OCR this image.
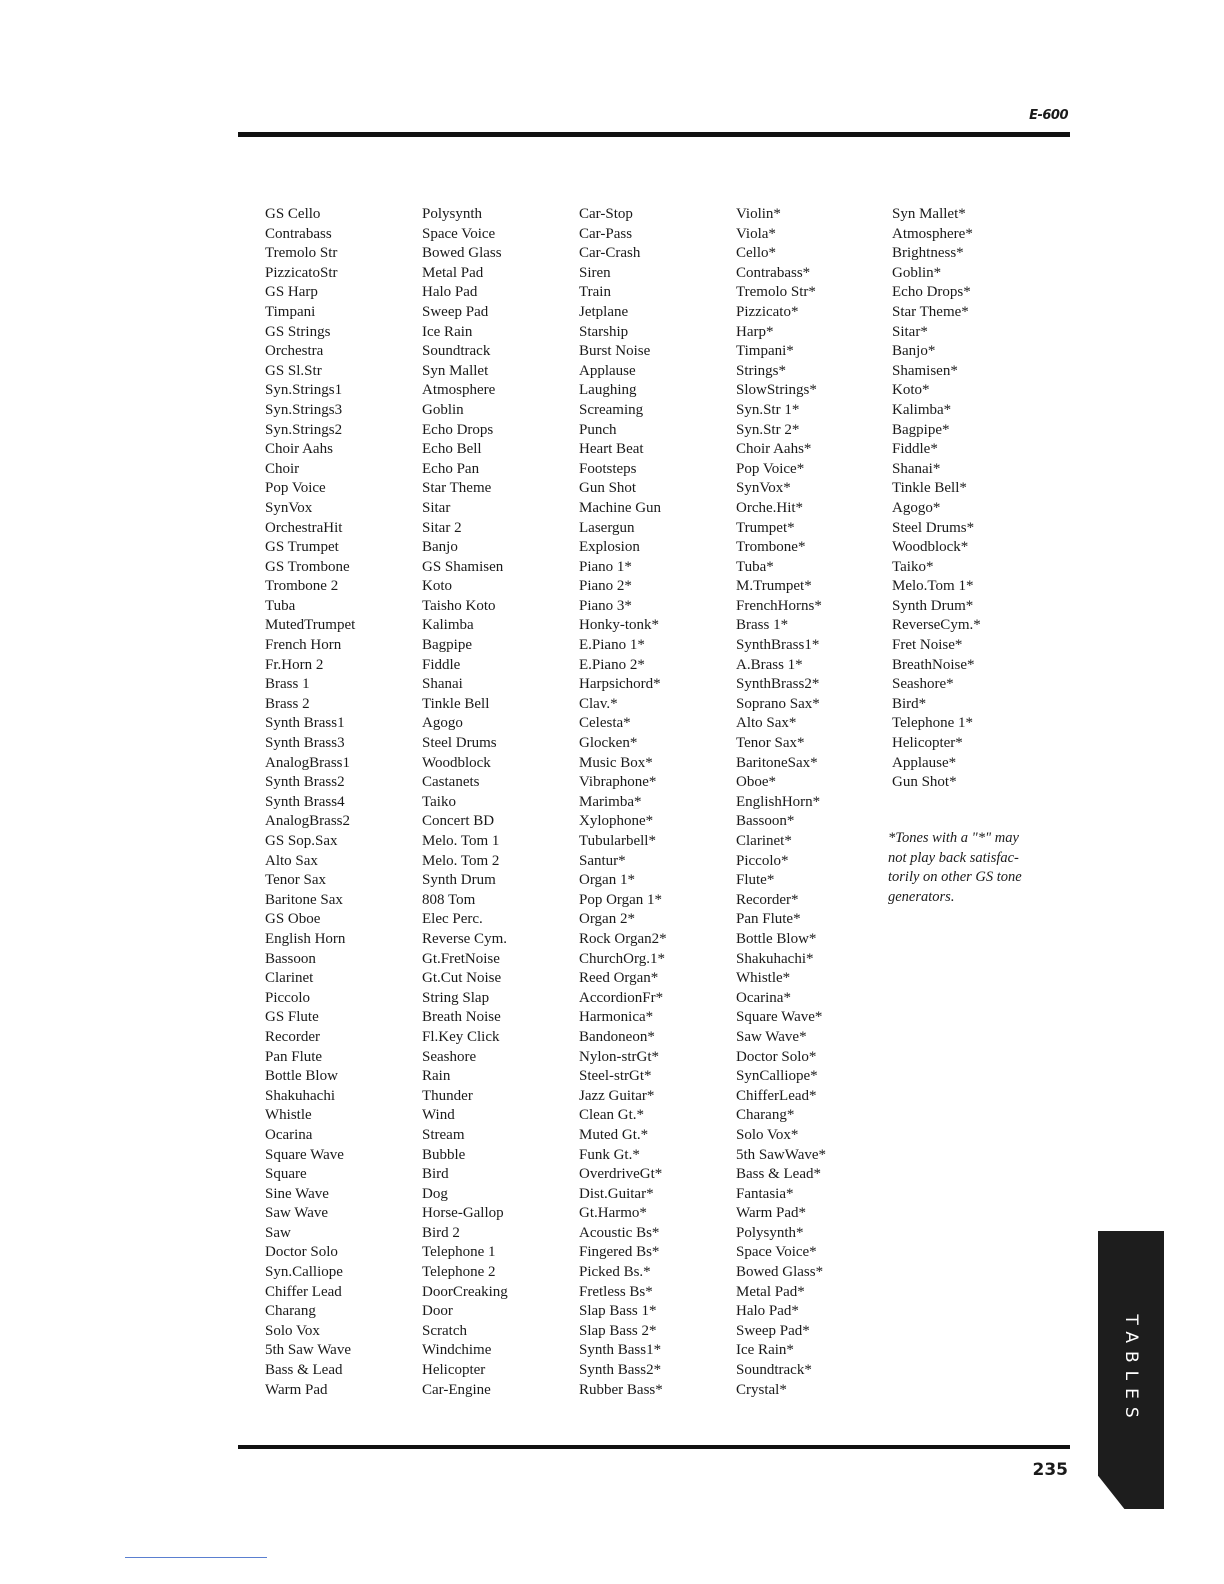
E-600
GS Cello
Contrabass
Tremolo Str
PizzicatoStr
GS Harp
Timpani
GS Strings
Orchestra
GS Sl.Str
Syn.Strings1
Syn.Strings3
Syn.Strings2
Choir Aahs
Choir
Pop Voice
SynVox
OrchestraHit
GS Trumpet
GS Trombone
Trombone 2
Tuba
MutedTrumpet
French Horn
Fr.Horn 2
Brass 1
Brass 2
Synth Brass1
Synth Brass3
AnalogBrass1
Synth Brass2
Synth Brass4
AnalogBrass2
GS Sop.Sax
Alto Sax
Tenor Sax
Baritone Sax
GS Oboe
English Horn
Bassoon
Clarinet
Piccolo
GS Flute
Recorder
Pan Flute
Bottle Blow
Shakuhachi
Whistle
Ocarina
Square Wave
Square
Sine Wave
Saw Wave
Saw
Doctor Solo
Syn.Calliope
Chiffer Lead
Charang
Solo Vox
5th Saw Wave
Bass & Lead
Warm Pad
Polysynth
Space Voice
Bowed Glass
Metal Pad
Halo Pad
Sweep Pad
Ice Rain
Soundtrack
Syn Mallet
Atmosphere
Goblin
Echo Drops
Echo Bell
Echo Pan
Star Theme
Sitar
Sitar 2
Banjo
GS Shamisen
Koto
Taisho Koto
Kalimba
Bagpipe
Fiddle
Shanai
Tinkle Bell
Agogo
Steel Drums
Woodblock
Castanets
Taiko
Concert BD
Melo. Tom 1
Melo. Tom 2
Synth Drum
808 Tom
Elec Perc.
Reverse Cym.
Gt.FretNoise
Gt.Cut Noise
String Slap
Breath Noise
Fl.Key Click
Seashore
Rain
Thunder
Wind
Stream
Bubble
Bird
Dog
Horse-Gallop
Bird 2
Telephone 1
Telephone 2
DoorCreaking
Door
Scratch
Windchime
Helicopter
Car-Engine
Car-Stop
Car-Pass
Car-Crash
Siren
Train
Jetplane
Starship
Burst Noise
Applause
Laughing
Screaming
Punch
Heart Beat
Footsteps
Gun Shot
Machine Gun
Lasergun
Explosion
Piano 1*
Piano 2*
Piano 3*
Honky-tonk*
E.Piano 1*
E.Piano 2*
Harpsichord*
Clav.*
Celesta*
Glocken*
Music Box*
Vibraphone*
Marimba*
Xylophone*
Tubularbell*
Santur*
Organ 1*
Pop Organ 1*
Organ 2*
Rock Organ2*
ChurchOrg.1*
Reed Organ*
AccordionFr*
Harmonica*
Bandoneon*
Nylon-strGt*
Steel-strGt*
Jazz Guitar*
Clean Gt.*
Muted Gt.*
Funk Gt.*
OverdriveGt*
Dist.Guitar*
Gt.Harmo*
Acoustic Bs*
Fingered Bs*
Picked Bs.*
Fretless Bs*
Slap Bass 1*
Slap Bass 2*
Synth Bass1*
Synth Bass2*
Rubber Bass*
Violin*
Viola*
Cello*
Contrabass*
Tremolo Str*
Pizzicato*
Harp*
Timpani*
Strings*
SlowStrings*
Syn.Str 1*
Syn.Str 2*
Choir Aahs*
Pop Voice*
SynVox*
Orche.Hit*
Trumpet*
Trombone*
Tuba*
M.Trumpet*
FrenchHorns*
Brass 1*
SynthBrass1*
A.Brass 1*
SynthBrass2*
Soprano Sax*
Alto Sax*
Tenor Sax*
BaritoneSax*
Oboe*
EnglishHorn*
Bassoon*
Clarinet*
Piccolo*
Flute*
Recorder*
Pan Flute*
Bottle Blow*
Shakuhachi*
Whistle*
Ocarina*
Square Wave*
Saw Wave*
Doctor Solo*
SynCalliope*
ChifferLead*
Charang*
Solo Vox*
5th SawWave*
Bass & Lead*
Fantasia*
Warm Pad*
Polysynth*
Space Voice*
Bowed Glass*
Metal Pad*
Halo Pad*
Sweep Pad*
Ice Rain*
Soundtrack*
Crystal*
Syn Mallet*
Atmosphere*
Brightness*
Goblin*
Echo Drops*
Star Theme*
Sitar*
Banjo*
Shamisen*
Koto*
Kalimba*
Bagpipe*
Fiddle*
Shanai*
Tinkle Bell*
Agogo*
Steel Drums*
Woodblock*
Taiko*
Melo.Tom 1*
Synth Drum*
ReverseCym.*
Fret Noise*
BreathNoise*
Seashore*
Bird*
Telephone 1*
Helicopter*
Applause*
Gun Shot*
*Tones with a "*" may
not play back satisfac-
torily on other GS tone
generators.
235
TABLES
